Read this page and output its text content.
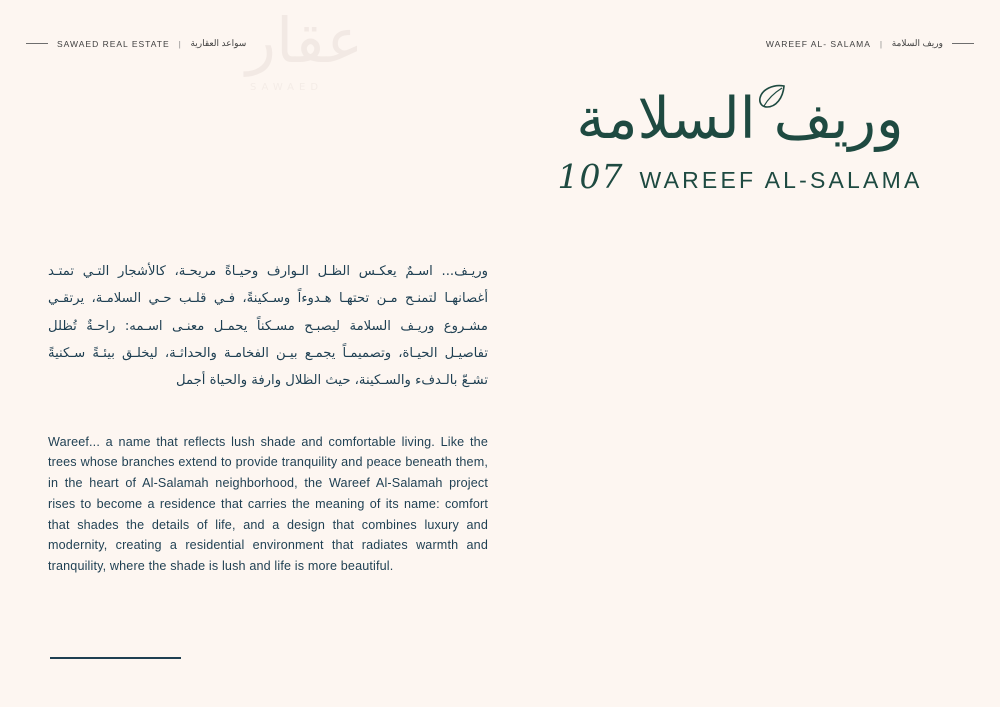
SAWAED REAL ESTATE | سواعد العقارية	WAREEF AL- SALAMA | وريف السلامة
عقار
SAWAED	وريف السلامة
107 WAREEF AL-SALAMA

وريـف... اسـمٌ يعكـس الظـل الـوارف وحيـاةً مريحـة، كالأشجار التـي تمتـد أغصانهـا لتمنـح مـن تحتهـا هـدوءاً وسـكينةً، فـي قلـب حـي السلامـة، يرتقـي مشـروع وريـف السلامة ليصبـح مسـكناً يحمـل معنـى اسـمه: راحـةٌ تُظلل تفاصيـل الحيـاة، وتصميمـاً يجمـع بيـن الفخامـة والحداثـة، ليخلـق بيئـةً سـكنيةً تشـعّ بالـدفء والسـكينة، حيث الظلال وارفة والحياة أجمل

Wareef... a name that reflects lush shade and comfortable living. Like the trees whose branches extend to provide tranquility and peace beneath them, in the heart of Al-Salamah neighborhood, the Wareef Al-Salamah project rises to become a residence that carries the meaning of its name: comfort that shades the details of life, and a design that combines luxury and modernity, creating a residential environment that radiates warmth and tranquility, where the shade is lush and life is more beautiful.
